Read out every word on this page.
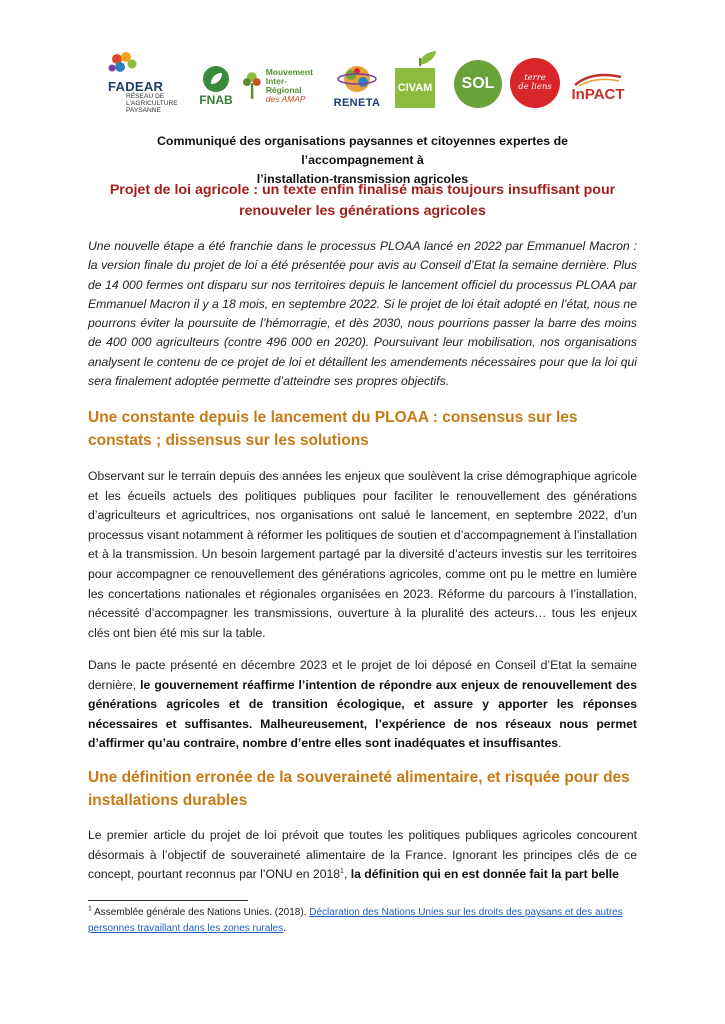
FADEAR
RÉSEAU DE L'AGRICULTURE PAYSANNE
FNAB
Mouvement
Inter-Régional
des AMAP	RENETA
CIVAM SOL	terre
de liens InPACT
Communiqué des organisations paysannes et citoyennes expertes de l’accompagnement à
l’installation-transmission agricoles
Projet de loi agricole : un texte enfin finalisé mais toujours insuffisant pour
renouveler les générations agricoles
Une nouvelle étape a été franchie dans le processus PLOAA lancé en 2022 par Emmanuel Macron : la version finale du projet de loi a été présentée pour avis au Conseil d’Etat la semaine dernière. Plus de 14 000 fermes ont disparu sur nos territoires depuis le lancement officiel du processus PLOAA par Emmanuel Macron il y a 18 mois, en septembre 2022. Si le projet de loi était adopté en l’état, nous ne pourrons éviter la poursuite de l’hémorragie, et dès 2030, nous pourrions passer la barre des moins de 400 000 agriculteurs (contre 496 000 en 2020). Poursuivant leur mobilisation, nos organisations analysent le contenu de ce projet de loi et détaillent les amendements nécessaires pour que la loi qui sera finalement adoptée permette d’atteindre ses propres objectifs.
Une constante depuis le lancement du PLOAA : consensus sur les constats ; dissensus sur les solutions
Observant sur le terrain depuis des années les enjeux que soulèvent la crise démographique agricole et les écueils actuels des politiques publiques pour faciliter le renouvellement des générations d’agriculteurs et agricultrices, nos organisations ont salué le lancement, en septembre 2022, d’un processus visant notamment à réformer les politiques de soutien et d’accompagnement à l’installation et à la transmission. Un besoin largement partagé par la diversité d’acteurs investis sur les territoires pour accompagner ce renouvellement des générations agricoles, comme ont pu le mettre en lumière les concertations nationales et régionales organisées en 2023. Réforme du parcours à l’installation, nécessité d’accompagner les transmissions, ouverture à la pluralité des acteurs… tous les enjeux clés ont bien été mis sur la table.
Dans le pacte présenté en décembre 2023 et le projet de loi déposé en Conseil d’Etat la semaine dernière, le gouvernement réaffirme l’intention de répondre aux enjeux de renouvellement des générations agricoles et de transition écologique, et assure y apporter les réponses nécessaires et suffisantes. Malheureusement, l’expérience de nos réseaux nous permet d’affirmer qu’au contraire, nombre d’entre elles sont inadéquates et insuffisantes.
Une définition erronée de la souveraineté alimentaire, et risquée pour des installations durables
Le premier article du projet de loi prévoit que toutes les politiques publiques agricoles concourent désormais à l’objectif de souveraineté alimentaire de la France. Ignorant les principes clés de ce concept, pourtant reconnus par l’ONU en 2018$^1$, la définition qui en est donnée fait la part belle
$^1$ Assemblée générale des Nations Unies. (2018). Déclaration des Nations Unies sur les droits des paysans et des autres personnes travaillant dans les zones rurales.
